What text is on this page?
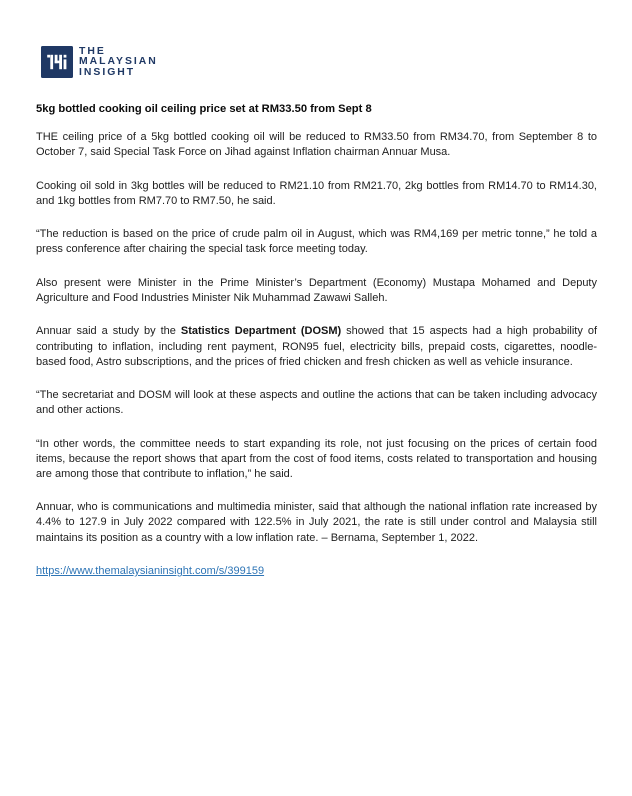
THE
MALAYSIAN
INSIGHT
5kg bottled cooking oil ceiling price set at RM33.50 from Sept 8

THE ceiling price of a 5kg bottled cooking oil will be reduced to RM33.50 from RM34.70, from September 8 to October 7, said Special Task Force on Jihad against Inflation chairman Annuar Musa.

Cooking oil sold in 3kg bottles will be reduced to RM21.10 from RM21.70, 2kg bottles from RM14.70 to RM14.30, and 1kg bottles from RM7.70 to RM7.50, he said.

“The reduction is based on the price of crude palm oil in August, which was RM4,169 per metric tonne,” he told a press conference after chairing the special task force meeting today.

Also present were Minister in the Prime Minister’s Department (Economy) Mustapa Mohamed and Deputy Agriculture and Food Industries Minister Nik Muhammad Zawawi Salleh.

Annuar said a study by the Statistics Department (DOSM) showed that 15 aspects had a high probability of contributing to inflation, including rent payment, RON95 fuel, electricity bills, prepaid costs, cigarettes, noodle-based food, Astro subscriptions, and the prices of fried chicken and fresh chicken as well as vehicle insurance.

“The secretariat and DOSM will look at these aspects and outline the actions that can be taken including advocacy and other actions.

“In other words, the committee needs to start expanding its role, not just focusing on the prices of certain food items, because the report shows that apart from the cost of food items, costs related to transportation and housing are among those that contribute to inflation,” he said.

Annuar, who is communications and multimedia minister, said that although the national inflation rate increased by 4.4% to 127.9 in July 2022 compared with 122.5% in July 2021, the rate is still under control and Malaysia still maintains its position as a country with a low inflation rate. – Bernama, September 1, 2022.

https://www.themalaysianinsight.com/s/399159
